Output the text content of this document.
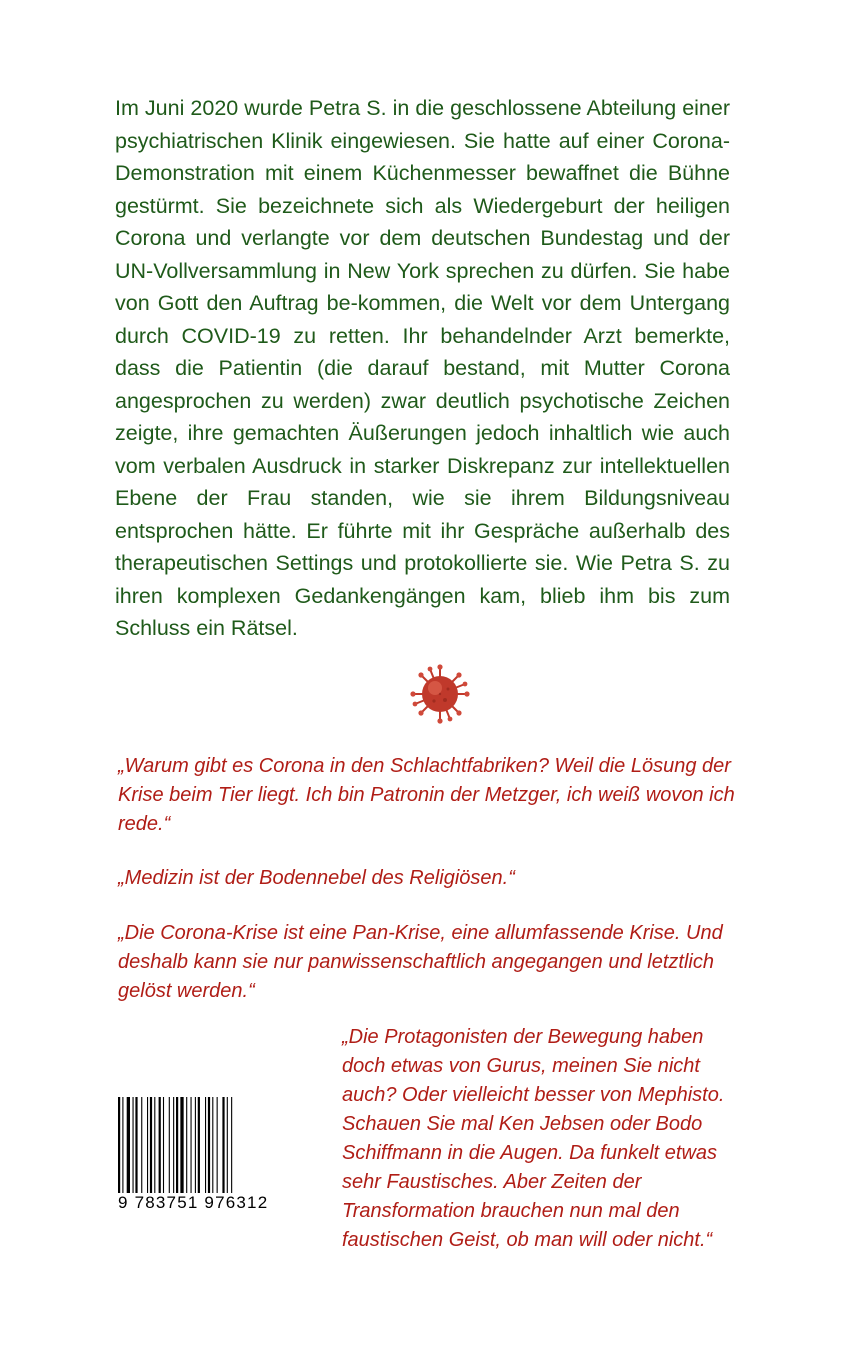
Im Juni 2020 wurde Petra S. in die geschlossene Abteilung einer psychiatrischen Klinik eingewiesen. Sie hatte auf einer Corona-Demonstration mit einem Küchenmesser bewaffnet die Bühne gestürmt. Sie bezeichnete sich als Wiedergeburt der heiligen Corona und verlangte vor dem deutschen Bundestag und der UN-Vollversammlung in New York sprechen zu dürfen. Sie habe von Gott den Auftrag be-kommen, die Welt vor dem Untergang durch COVID-19 zu retten. Ihr behandelnder Arzt bemerkte, dass die Patientin (die darauf bestand, mit Mutter Corona angesprochen zu werden) zwar deutlich psychotische Zeichen zeigte, ihre gemachten Äußerungen jedoch inhaltlich wie auch vom verbalen Ausdruck in starker Diskrepanz zur intellektuellen Ebene der Frau standen, wie sie ihrem Bildungsniveau entsprochen hätte. Er führte mit ihr Gespräche außerhalb des therapeutischen Settings und protokollierte sie. Wie Petra S. zu ihren komplexen Gedankengängen kam, blieb ihm bis zum Schluss ein Rätsel.

„Warum gibt es Corona in den Schlachtfabriken? Weil die Lösung der Krise beim Tier liegt. Ich bin Patronin der Metzger, ich weiß wovon ich rede.“

„Medizin ist der Bodennebel des Religiösen.“

„Die Corona-Krise ist eine Pan-Krise, eine allumfassende Krise. Und deshalb kann sie nur panwissenschaftlich angegangen und letztlich gelöst werden.“

„Die Protagonisten der Bewegung haben doch etwas von Gurus, meinen Sie nicht auch? Oder vielleicht besser von Mephisto. Schauen Sie mal Ken Jebsen oder Bodo Schiffmann in die Augen. Da funkelt etwas sehr Faustisches. Aber Zeiten der Transformation brauchen nun mal den faustischen Geist, ob man will oder nicht.“

9 783751 976312
